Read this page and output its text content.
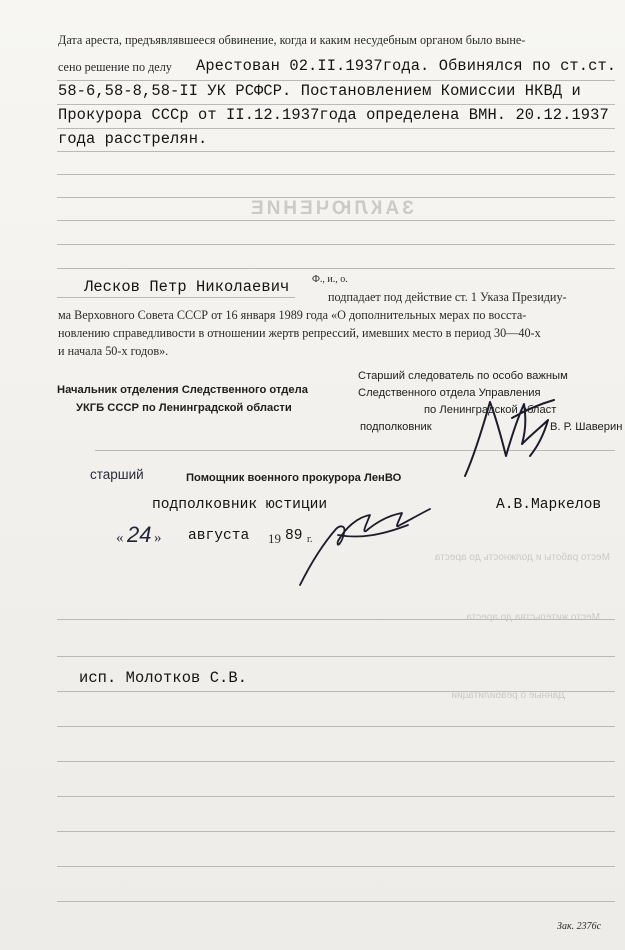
ЗАКЛЮЧЕНИЕ
Место работы и должность до ареста
Место жительства до ареста
Данные о реабилитации
Дата ареста, предъявлявшееся обвинение, когда и каким несудебным органом было выне-
сено решение по делу Арестован 02.II.1937года. Обвинялся по ст.ст.
58-6,58-8,58-II УК РСФСР. Постановлением Комиссии НКВД и
Прокурора СССр от II.12.1937года определена ВМН. 20.12.1937
года расстрелян.
Лесков Петр Николаевич Ф., и., о.
подпадает под действие ст. 1 Указа Президиу-
ма Верховного Совета СССР от 16 января 1989 года «О дополнительных мерах по восста-
новлению справедливости в отношении жертв репрессий, имевших место в период 30—40-х
и начала 50-х годов».
Начальник отделения Следственного отдела
УКГБ СССР по Ленинградской области
Старший следователь по особо важным
Следственного отдела Управления
по Ленинградской област
подполковник	В. Р. Шаверин
старший	Помощник военного прокурора ЛенВО
подполковник юстиции	А.В.Маркелов
« 24 » августа 19 89 г.
исп. Молотков С.В.
Зак. 2376с
